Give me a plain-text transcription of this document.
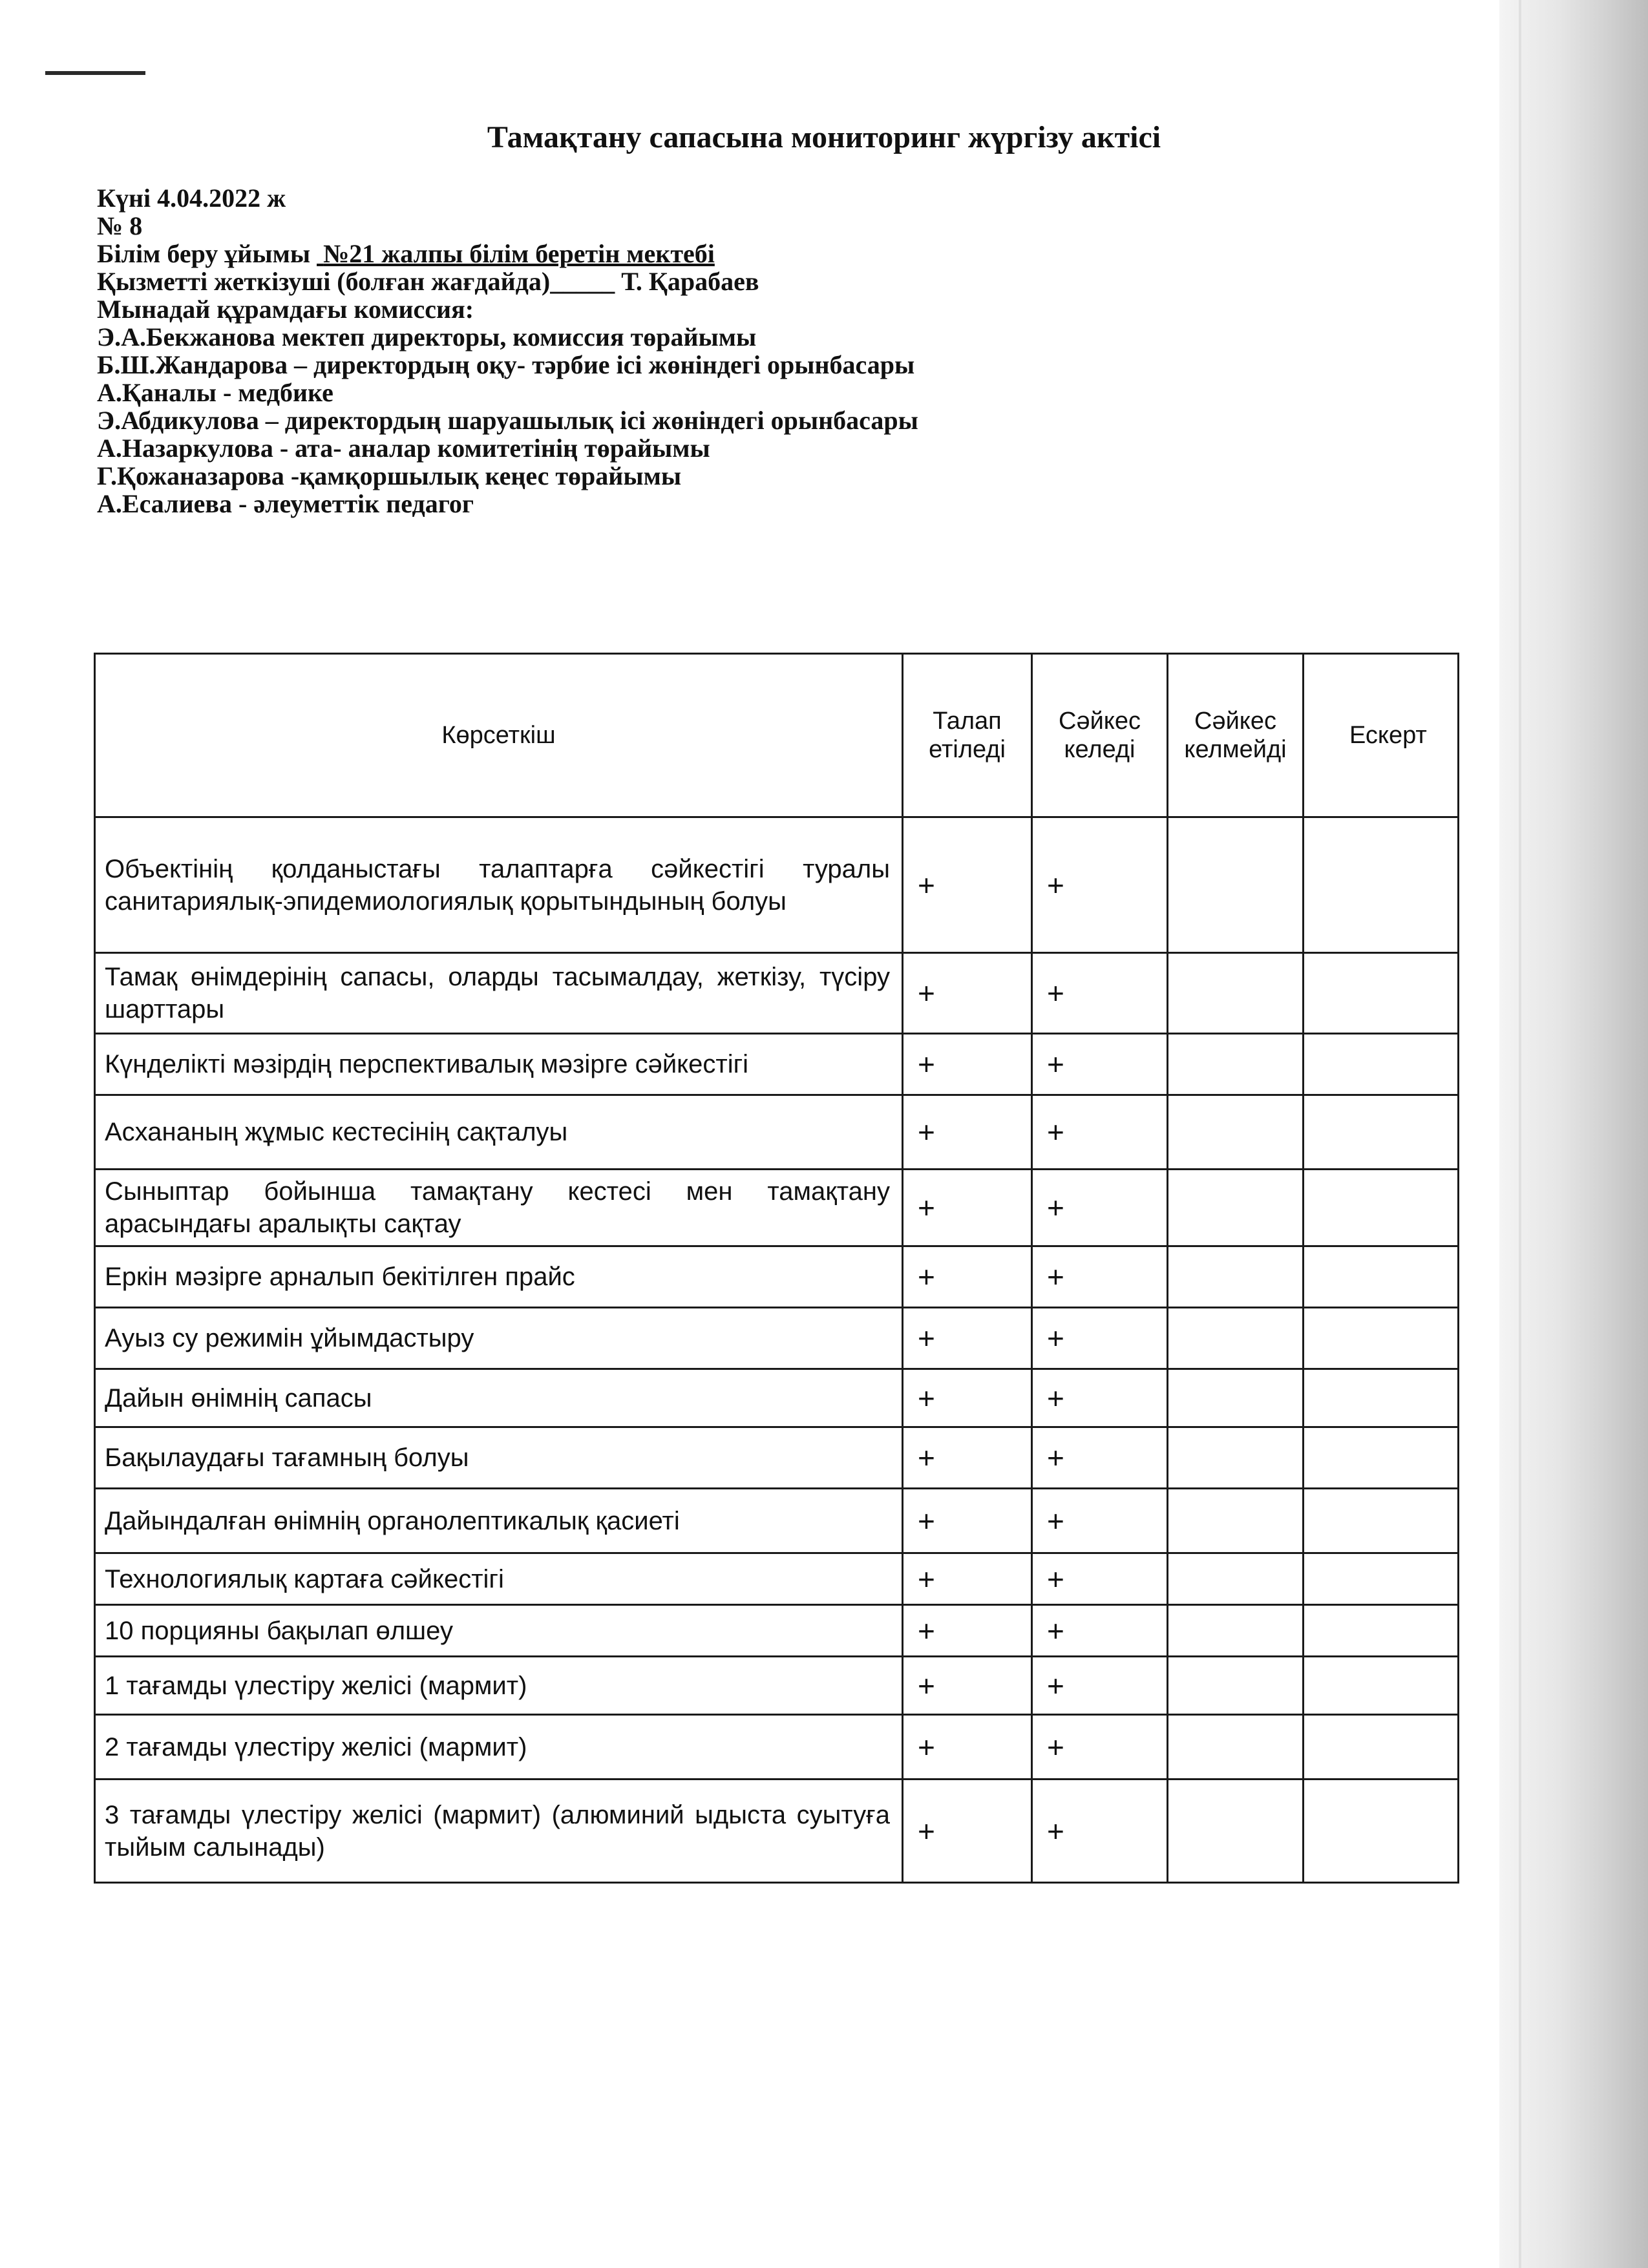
Тамақтану сапасына мониторинг жүргізу актісі
Күні 4.04.2022 ж
№ 8
Білім беру ұйымы №21 жалпы білім беретін мектебі
Қызметті жеткізуші (болған жағдайда)_____ Т. Қарабаев
Мынадай құрамдағы комиссия:
Э.А.Бекжанова мектеп директоры, комиссия төрайымы
Б.Ш.Жандарова – директордың оқу- тәрбие ісі жөніндегі орынбасары
А.Қаналы - медбике
Э.Абдикулова – директордың шаруашылық ісі жөніндегі орынбасары
А.Назаркулова - ата- аналар комитетінің төрайымы
Г.Қожаназарова -қамқоршылық кеңес төрайымы
А.Есалиева - әлеуметтік педагог
Көрсеткіш	Талап етіледі	Сәйкес келеді	Сәйкес келмейді	Ескерт
Объектінің қолданыстағы талаптарға сәйкестігі туралы санитариялық-эпидемиологиялық қорытындының болуы	+	+		
Тамақ өнімдерінің сапасы, оларды тасымалдау, жеткізу, түсіру шарттары	+	+		
Күнделікті мәзірдің перспективалық мәзірге сәйкестігі	+	+		
Асхананың жұмыс кестесінің сақталуы	+	+		
Сыныптар бойынша тамақтану кестесі мен тамақтану арасындағы аралықты сақтау	+	+		
Еркін мәзірге арналып бекітілген прайс	+	+		
Ауыз су режимін ұйымдастыру	+	+		
Дайын өнімнің сапасы	+	+		
Бақылаудағы тағамның болуы	+	+		
Дайындалған өнімнің органолептикалық қасиеті	+	+		
Технологиялық картаға сәйкестігі	+	+		
10 порцияны бақылап өлшеу	+	+		
1 тағамды үлестіру желісі (мармит)	+	+		
2 тағамды үлестіру желісі (мармит)	+	+		
3 тағамды үлестіру желісі (мармит) (алюминий ыдыста суытуға тыйым салынады)	+	+		
